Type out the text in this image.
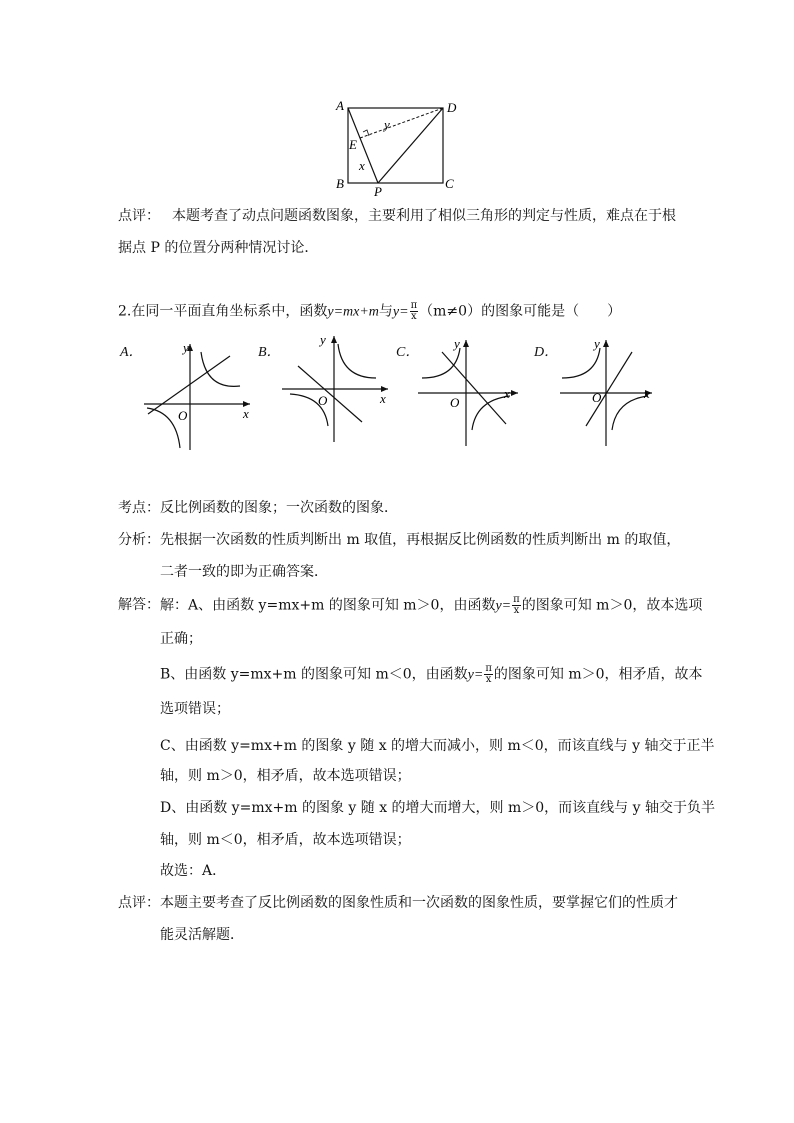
A	D
E
y
x
B
P
C
点评： 本题考查了动点问题函数图象，主要利用了相似三角形的判定与性质，难点在于根
据点 P 的位置分两种情况讨论．
2.在同一平面直角坐标系中，函数y=mx+m与$y= \frac{\pi}{x} (m\ne 0)$的图象可能是（　　）
A．	y
x
O
B．
y
x
O
C．
y
x
O
D．
y
x
O
考点： 反比例函数的图象；一次函数的图象．
分析： 先根据一次函数的性质判断出 m 取值，再根据反比例函数的性质判断出 m 的取值，
二者一致的即为正确答案．
解答： 解：A、由函数 y=mx+m 的图象可知 m＞0，由函数$y= \frac{\pi}{x}$ 的图象可知 m＞0，故本选项
正确；
B、由函数 y=mx+m 的图象可知 m＜0，由函数$y= \frac{\pi}{x}$ 的图象可知 m＞0，相矛盾，故本
选项错误；
C、由函数 y=mx+m 的图象 y 随 x 的增大而减小，则 m＜0，而该直线与 y 轴交于正半
轴，则 m＞0，相矛盾，故本选项错误；
D、由函数 y=mx+m 的图象 y 随 x 的增大而增大，则 m＞0，而该直线与 y 轴交于负半
轴，则 m＜0，相矛盾，故本选项错误；
故选：A．
点评： 本题主要考查了反比例函数的图象性质和一次函数的图象性质，要掌握它们的性质才
能灵活解题．
